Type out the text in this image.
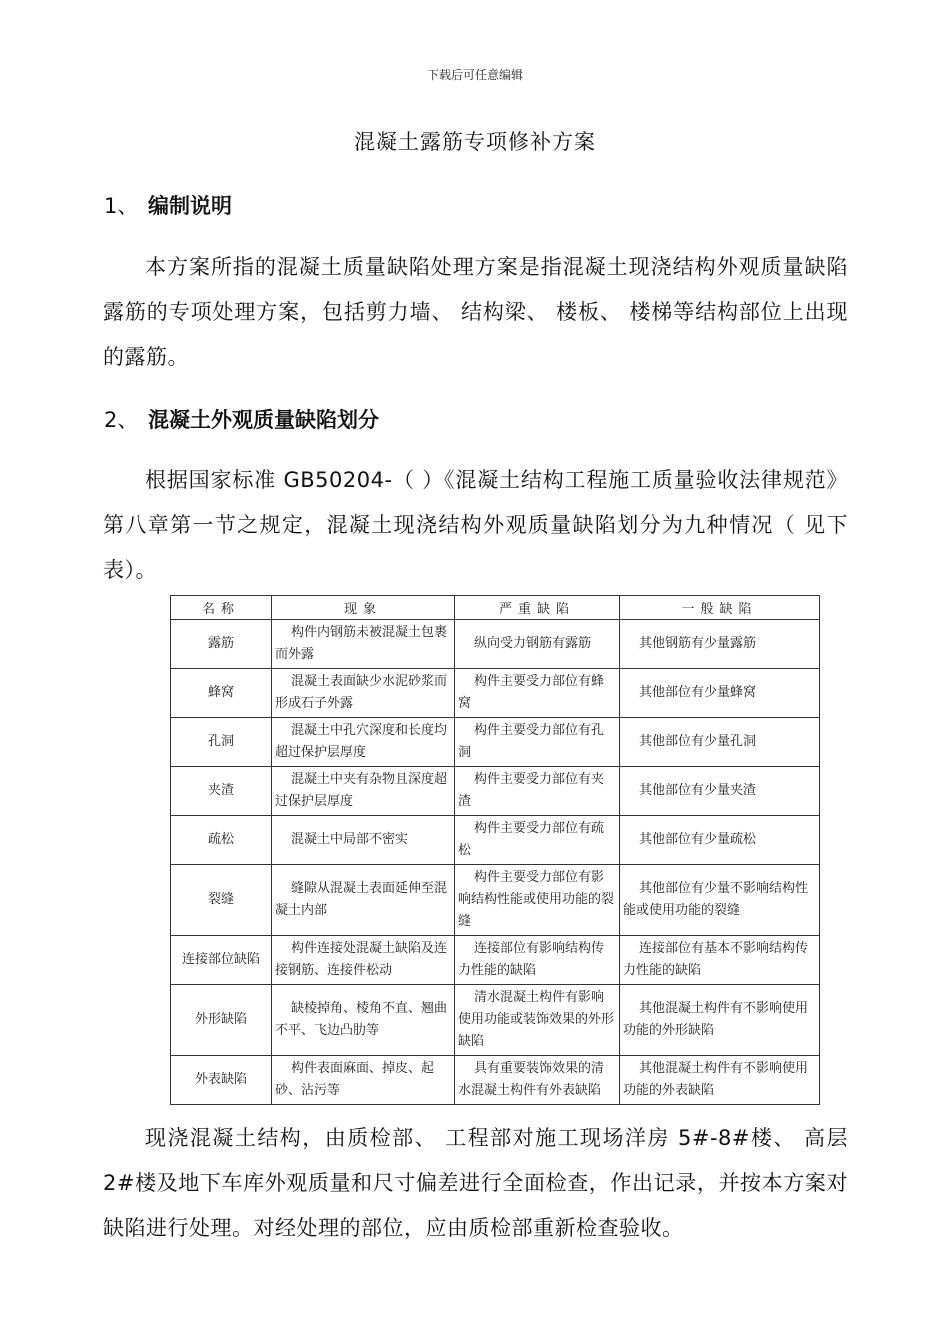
下载后可任意编辑
混凝土露筋专项修补方案
1、 编制说明
本方案所指的混凝土质量缺陷处理方案是指混凝土现浇结构外观质量缺陷露筋的专项处理方案，包括剪力墙、 结构梁、 楼板、 楼梯等结构部位上出现的露筋。
2、 混凝土外观质量缺陷划分
根据国家标准 GB50204-（ ）《混凝土结构工程施工质量验收法律规范》第八章第一节之规定，混凝土现浇结构外观质量缺陷划分为九种情况（ 见下表）。
名称	现象	严重缺陷	一般缺陷
露筋	构件内钢筋未被混凝土包裹而外露	纵向受力钢筋有露筋	其他钢筋有少量露筋
蜂窝	混凝土表面缺少水泥砂浆而形成石子外露	构件主要受力部位有蜂窝	其他部位有少量蜂窝
孔洞	混凝土中孔穴深度和长度均超过保护层厚度	构件主要受力部位有孔洞	其他部位有少量孔洞
夹渣	混凝土中夹有杂物且深度超过保护层厚度	构件主要受力部位有夹渣	其他部位有少量夹渣
疏松	混凝土中局部不密实	构件主要受力部位有疏松	其他部位有少量疏松
裂缝	缝隙从混凝土表面延伸至混凝土内部	构件主要受力部位有影响结构性能或使用功能的裂缝	其他部位有少量不影响结构性能或使用功能的裂缝
连接部位缺陷	构件连接处混凝土缺陷及连接钢筋、连接件松动	连接部位有影响结构传力性能的缺陷	连接部位有基本不影响结构传力性能的缺陷
外形缺陷	缺棱掉角、棱角不直、翘曲不平、飞边凸肋等	清水混凝土构件有影响使用功能或装饰效果的外形缺陷	其他混凝土构件有不影响使用功能的外形缺陷
外表缺陷	构件表面麻面、掉皮、起砂、沾污等	具有重要装饰效果的清水混凝土构件有外表缺陷	其他混凝土构件有不影响使用功能的外表缺陷
现浇混凝土结构，由质检部、 工程部对施工现场洋房 5#-8#楼、 高层 2#楼及地下车库外观质量和尺寸偏差进行全面检查，作出记录，并按本方案对缺陷进行处理。对经处理的部位，应由质检部重新检查验收。
